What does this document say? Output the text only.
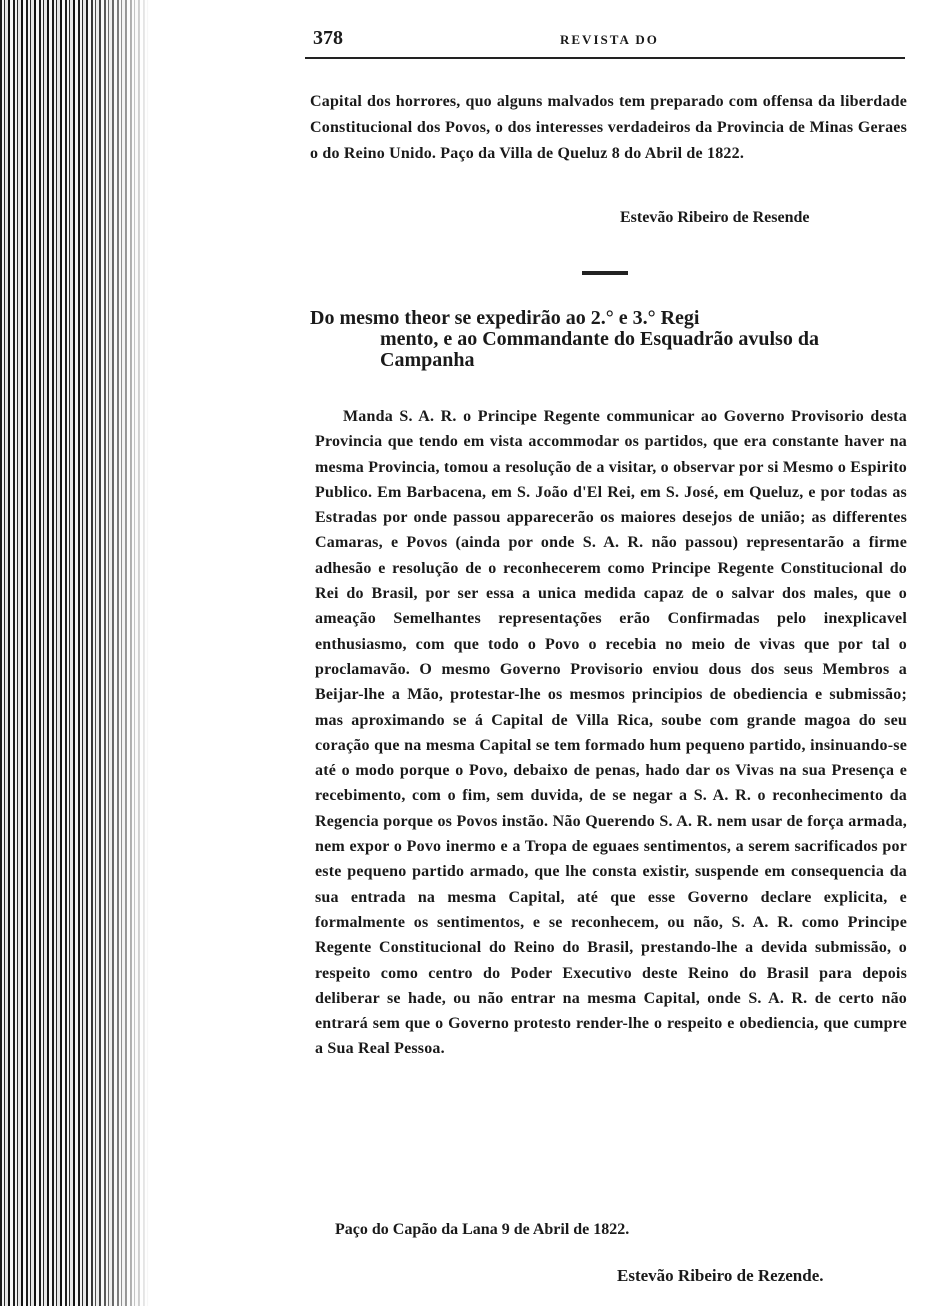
378	REVISTA DO
Capital dos horrores, quo alguns malvados tem preparado com offensa da liberdade Constitucional dos Povos, o dos interesses verdadeiros da Provincia de Minas Geraes o do Reino Unido. Paço da Villa de Queluz 8 do Abril de 1822.
Estevão Ribeiro de Resende
Do mesmo theor se expedirão ao 2.° e 3.° Regi
mento, e ao Commandante do Esquadrão avulso da Campanha
Manda S. A. R. o Principe Regente communicar ao Governo Provisorio desta Provincia que tendo em vista accommodar os partidos, que era constante haver na mesma Provincia, tomou a resolução de a visitar, o observar por si Mesmo o Espirito Publico. Em Barbacena, em S. João d'El Rei, em S. José, em Queluz, e por todas as Estradas por onde passou apparecerão os maiores desejos de união; as differentes Camaras, e Povos (ainda por onde S. A. R. não passou) representarão a firme adhesão e resolução de o reconhecerem como Principe Regente Constitucional do Rei do Brasil, por ser essa a unica medida capaz de o salvar dos males, que o ameação Semelhantes representações erão Confirmadas pelo inexplicavel enthusiasmo, com que todo o Povo o recebia no meio de vivas que por tal o proclamavão. O mesmo Governo Provisorio enviou dous dos seus Membros a Beijar-lhe a Mão, protestar-lhe os mesmos principios de obediencia e submissão; mas aproximando se á Capital de Villa Rica, soube com grande magoa do seu coração que na mesma Capital se tem formado hum pequeno partido, insinuando-se até o modo porque o Povo, debaixo de penas, hado dar os Vivas na sua Presença e recebimento, com o fim, sem duvida, de se negar a S. A. R. o reconhecimento da Regencia porque os Povos instão. Não Querendo S. A. R. nem usar de força armada, nem expor o Povo inermo e a Tropa de eguaes sentimentos, a serem sacrificados por este pequeno partido armado, que lhe consta existir, suspende em consequencia da sua entrada na mesma Capital, até que esse Governo declare explicita, e formalmente os sentimentos, e se reconhecem, ou não, S. A. R. como Principe Regente Constitucional do Reino do Brasil, prestando-lhe a devida submissão, o respeito como centro do Poder Executivo deste Reino do Brasil para depois deliberar se hade, ou não entrar na mesma Capital, onde S. A. R. de certo não entrará sem que o Governo protesto render-lhe o respeito e obediencia, que cumpre a Sua Real Pessoa.
Paço do Capão da Lana 9 de Abril de 1822.
Estevão Ribeiro de Rezende.
